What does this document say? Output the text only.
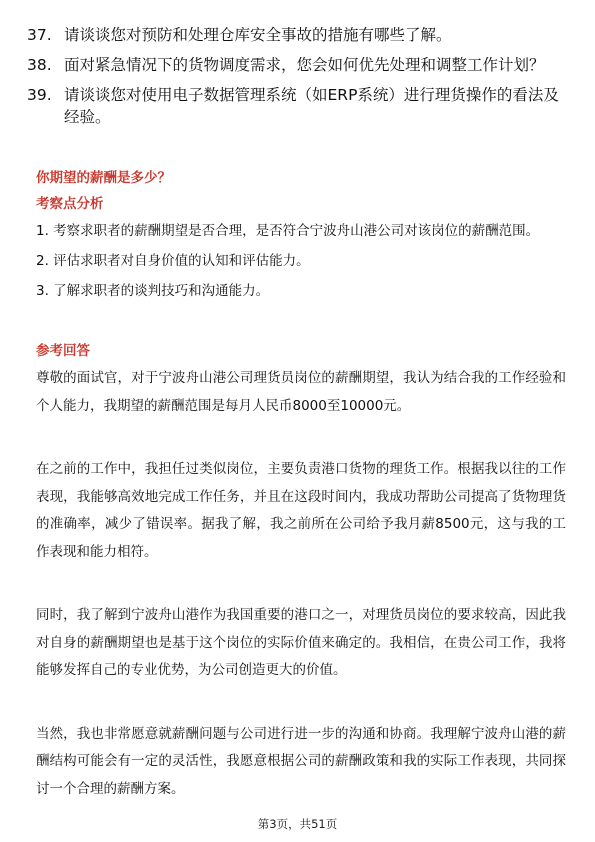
37. 请谈谈您对预防和处理仓库安全事故的措施有哪些了解。
38. 面对紧急情况下的货物调度需求，您会如何优先处理和调整工作计划？
39. 请谈谈您对使用电子数据管理系统（如ERP系统）进行理货操作的看法及经验。
你期望的薪酬是多少？
考察点分析
1. 考察求职者的薪酬期望是否合理，是否符合宁波舟山港公司对该岗位的薪酬范围。
2. 评估求职者对自身价值的认知和评估能力。
3. 了解求职者的谈判技巧和沟通能力。
参考回答
尊敬的面试官，对于宁波舟山港公司理货员岗位的薪酬期望，我认为结合我的工作经验和个人能力，我期望的薪酬范围是每月人民币8000至10000元。
在之前的工作中，我担任过类似岗位，主要负责港口货物的理货工作。根据我以往的工作表现，我能够高效地完成工作任务，并且在这段时间内，我成功帮助公司提高了货物理货的准确率，减少了错误率。据我了解，我之前所在公司给予我月薪8500元，这与我的工作表现和能力相符。
同时，我了解到宁波舟山港作为我国重要的港口之一，对理货员岗位的要求较高，因此我对自身的薪酬期望也是基于这个岗位的实际价值来确定的。我相信，在贵公司工作，我将能够发挥自己的专业优势，为公司创造更大的价值。
当然，我也非常愿意就薪酬问题与公司进行进一步的沟通和协商。我理解宁波舟山港的薪酬结构可能会有一定的灵活性，我愿意根据公司的薪酬政策和我的实际工作表现，共同探讨一个合理的薪酬方案。
第3页，共51页
